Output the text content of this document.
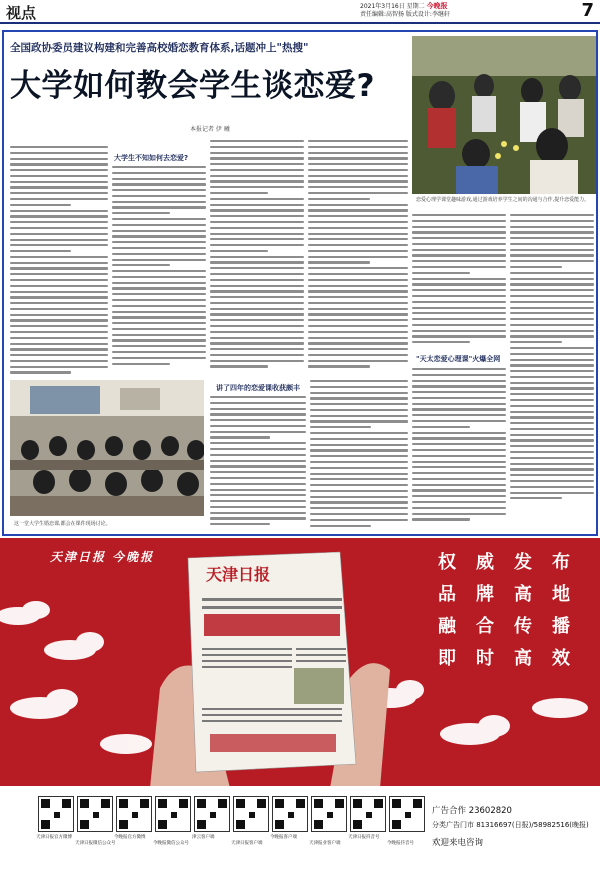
视点	2021年3月16日 星期二 今晚报
责任编辑:高智扬 版式设计:李继轩	7
全国政协委员建议构建和完善高校婚恋教育体系,话题冲上"热搜"
大学如何教会学生谈恋爱?
本报记者 伊 曦
恋爱心理学课堂趣味游戏,通过游戏培养学生之间的沟通与合作,提升恋爱能力。
大学生不知如何去恋爱?
这一堂大学生婚恋课,都会在课件现场讨论。
讲了四年的恋爱课收获颇丰
"天太恋爱心理课"火爆全网
天津日报 今晚报
天津日报
权 威 发 布
品 牌 高 地
融 合 传 播
即 时 高 效
天津日报官方微博
天津日报微信公众号
今晚报官方微博
今晚报微信公众号
津云客户端
天津日报客户端
今晚报客户端
天津报业客户端
天津日报抖音号
今晚报抖音号
广告合作 23602820
分类广告门市 81316697(日报)/58982516(晚报)
欢迎来电咨询
